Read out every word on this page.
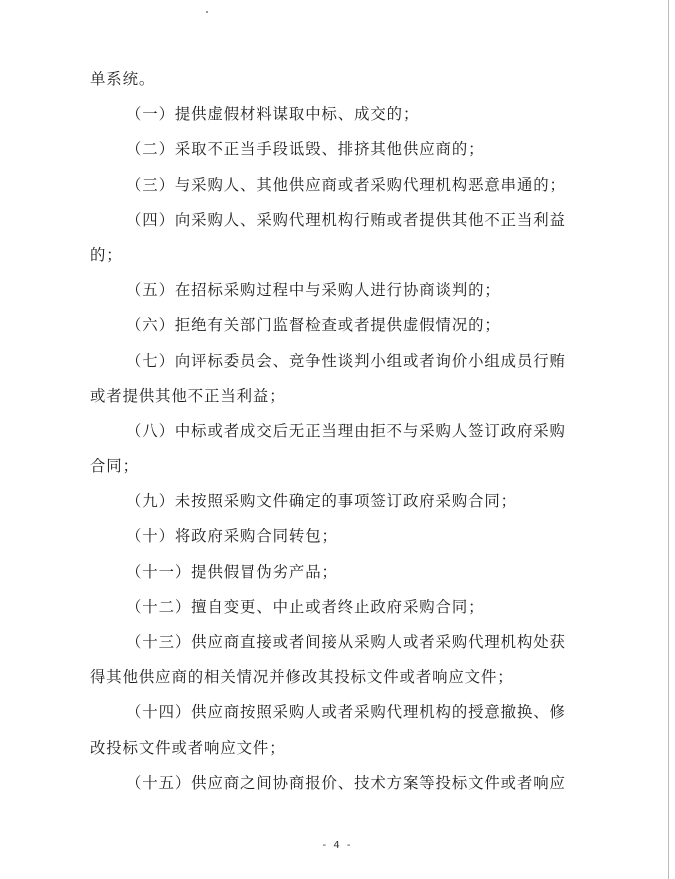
单系统。
（一）提供虚假材料谋取中标、成交的；
（二）采取不正当手段诋毁、排挤其他供应商的；
（三）与采购人、其他供应商或者采购代理机构恶意串通的；
（四）向采购人、采购代理机构行贿或者提供其他不正当利益
的；
（五）在招标采购过程中与采购人进行协商谈判的；
（六）拒绝有关部门监督检查或者提供虚假情况的；
（七）向评标委员会、竞争性谈判小组或者询价小组成员行贿
或者提供其他不正当利益；
（八）中标或者成交后无正当理由拒不与采购人签订政府采购
合同；
（九）未按照采购文件确定的事项签订政府采购合同；
（十）将政府采购合同转包；
（十一）提供假冒伪劣产品；
（十二）擅自变更、中止或者终止政府采购合同；
（十三）供应商直接或者间接从采购人或者采购代理机构处获
得其他供应商的相关情况并修改其投标文件或者响应文件；
（十四）供应商按照采购人或者采购代理机构的授意撤换、修
改投标文件或者响应文件；
（十五）供应商之间协商报价、技术方案等投标文件或者响应
- 4 -
